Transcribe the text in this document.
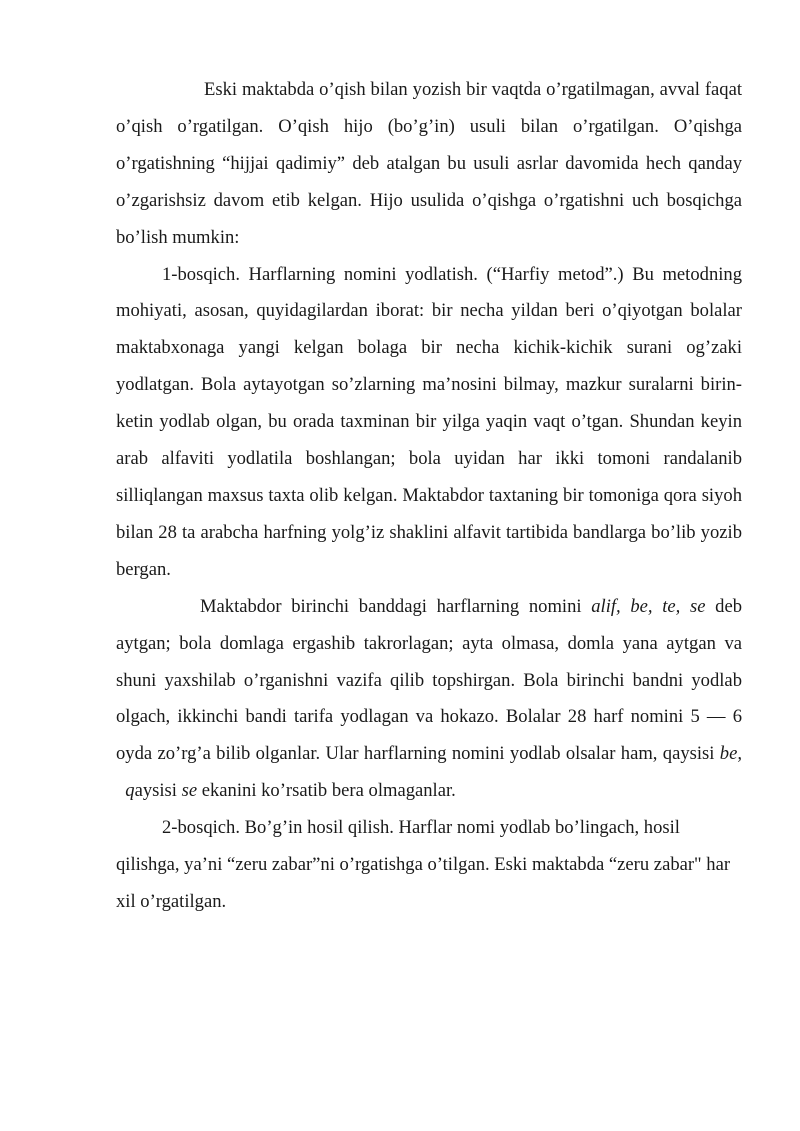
Eski maktabda o’qish bilan yozish bir vaqtda o’rgatilmagan, avval faqat o’qish o’rgatilgan. O’qish hijo (bo’g’in) usuli bilan o’rgatilgan. O’qishga o’rgatishning “hijjai qadimiy” deb atalgan bu usuli asrlar davomida hech qanday o’zgarishsiz davom etib kelgan. Hijo usulida o’qishga o’rgatishni uch bosqichga bo’lish mumkin:

1-bosqich. Harflarning nomini yodlatish. (“Harfiy metod”.) Bu metodning mohiyati, asosan, quyidagilardan iborat: bir necha yildan beri o’qiyotgan bolalar maktabxonaga yangi kelgan bolaga bir necha kichik-kichik surani og’zaki yodlatgan. Bola aytayotgan so’zlarning ma’nosini bilmay, mazkur suralarni birin-ketin yodlab olgan, bu orada taxminan bir yilga yaqin vaqt o’tgan. Shundan keyin arab alfaviti yodlatila boshlangan; bola uyidan har ikki tomoni randalanib silliqlangan maxsus taxta olib kelgan. Maktabdor taxtaning bir tomoniga qora siyoh bilan 28 ta arabcha harfning yolg’iz shaklini alfavit tartibida bandlarga bo’lib yozib bergan.

Maktabdor birinchi banddagi harflarning nomini alif, be, te, se deb aytgan; bola domlaga ergashib takrorlagan; ayta olmasa, domla yana aytgan va shuni yaxshilab o’rganishni vazifa qilib topshirgan. Bola birinchi bandni yodlab olgach, ikkinchi bandi tarifa yodlagan va hokazo. Bolalar 28 harf nomini 5 — 6 oyda zo’rg’a bilib olganlar. Ular harflarning nomini yodlab olsalar ham, qaysisi be,  qaysisi se ekanini ko’rsatib bera olmaganlar.

2-bosqich. Bo’g’in hosil qilish. Harflar nomi yodlab bo’lingach, hosil qilishga, ya’ni “zeru zabar”ni o’rgatishga o’tilgan. Eski maktabda “zeru zabar" har xil o’rgatilgan.
